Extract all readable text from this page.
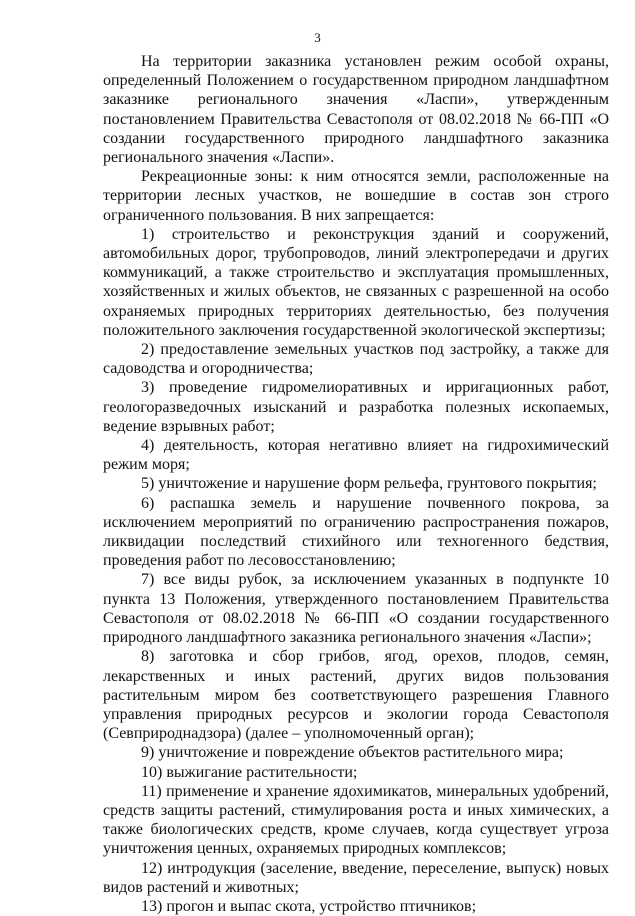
3

На территории заказника установлен режим особой охраны, определенный Положением о государственном природном ландшафтном заказнике регионального значения «Ласпи», утвержденным постановлением Правительства Севастополя от 08.02.2018 № 66-ПП «О создании государственного природного ландшафтного заказника регионального значения «Ласпи».

Рекреационные зоны: к ним относятся земли, расположенные на территории лесных участков, не вошедшие в состав зон строго ограниченного пользования. В них запрещается:

1) строительство и реконструкция зданий и сооружений, автомобильных дорог, трубопроводов, линий электропередачи и других коммуникаций, а также строительство и эксплуатация промышленных, хозяйственных и жилых объектов, не связанных с разрешенной на особо охраняемых природных территориях деятельностью, без получения положительного заключения государственной экологической экспертизы;

2) предоставление земельных участков под застройку, а также для садоводства и огородничества;

3) проведение гидромелиоративных и ирригационных работ, геологоразведочных изысканий и разработка полезных ископаемых, ведение взрывных работ;

4) деятельность, которая негативно влияет на гидрохимический режим моря;

5) уничтожение и нарушение форм рельефа, грунтового покрытия;

6) распашка земель и нарушение почвенного покрова, за исключением мероприятий по ограничению распространения пожаров, ликвидации последствий стихийного или техногенного бедствия, проведения работ по лесовосстановлению;

7) все виды рубок, за исключением указанных в подпункте 10 пункта 13 Положения, утвержденного постановлением Правительства Севастополя от 08.02.2018 № 66-ПП «О создании государственного природного ландшафтного заказника регионального значения «Ласпи»;

8) заготовка и сбор грибов, ягод, орехов, плодов, семян, лекарственных и иных растений, других видов пользования растительным миром без соответствующего разрешения Главного управления природных ресурсов и экологии города Севастополя (Севприроднадзора) (далее – уполномоченный орган);

9) уничтожение и повреждение объектов растительного мира;

10) выжигание растительности;

11) применение и хранение ядохимикатов, минеральных удобрений, средств защиты растений, стимулирования роста и иных химических, а также биологических средств, кроме случаев, когда существует угроза уничтожения ценных, охраняемых природных комплексов;

12) интродукция (заселение, введение, переселение, выпуск) новых видов растений и животных;

13) прогон и выпас скота, устройство птичников;
